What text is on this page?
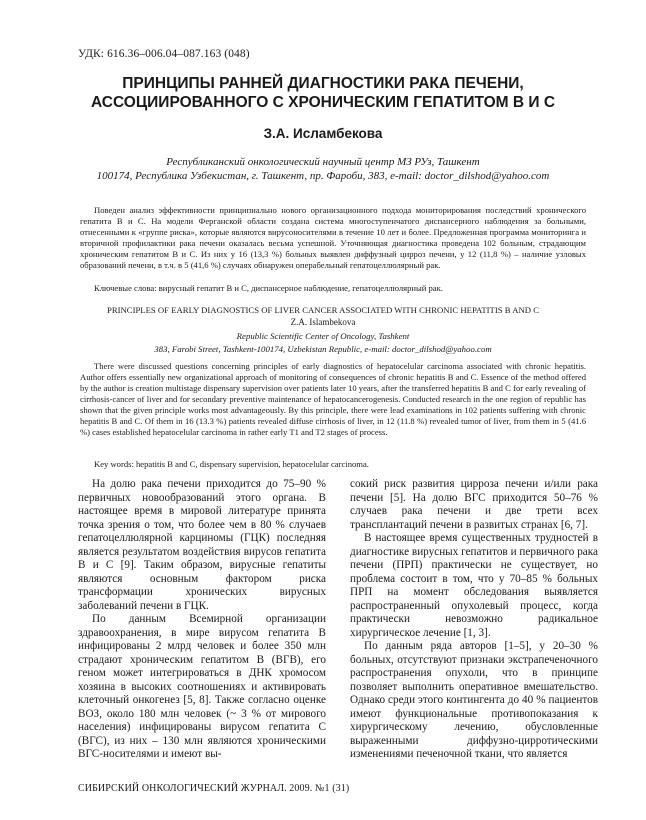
УДК: 616.36–006.04–087.163 (048)
ПРИНЦИПЫ РАННЕЙ ДИАГНОСТИКИ РАКА ПЕЧЕНИ,
АССОЦИИРОВАННОГО С ХРОНИЧЕСКИМ ГЕПАТИТОМ В И С
З.А. Исламбекова
Республиканский онкологический научный центр МЗ РУз, Ташкент
100174, Республика Узбекистан, г. Ташкент, пр. Фароби, 383, e-mail: doctor_dilshod@yahoo.com

Поведен анализ эффективности принципиально нового организационного подхода мониторирования последствий хронического гепатита В и С. На модели Ферганской области создана система многоступенчатого диспансерного наблюдения за больными, отнесенными к «группе риска», которые являются вирусоносителями в течение 10 лет и более. Предложенная программа мониторинга и вторичной профилактики рака печени оказалась весьма успешной. Уточняющая диагностика проведена 102 больным, страдающим хроническим гепатитом В и С. Из них у 16 (13,3 %) больных выявлен диффузный цирроз печени, у 12 (11,8 %) – наличие узловых образований печени, в т.ч. в 5 (41,6 %) случаях обнаружен операбельный гепатоцеллюлярный рак.

Ключевые слова: вирусный гепатит В и С, диспансерное наблюдение, гепатоцеллюлярный рак.

PRINCIPLES OF EARLY DIAGNOSTICS OF LIVER CANCER ASSOCIATED WITH CHRONIC HEPATITIS B AND C
Z.A. Islambekova
Republic Scientific Center of Oncology, Tashkent
383, Farobi Street, Tashkent-100174, Uzbekistan Republic, e-mail: doctor_dilshod@yahoo.com

There were discussed questions concerning principles of early diagnostics of hepatocelular carcinoma associated with chronic hepatitis. Author offers essentially new organizational approach of monitoring of consequences of chronic hepatitis B and C. Essence of the method offered by the author is creation multistage dispensary supervision over patients later 10 years, after the transferred hepatitis B and C for early revealing of cirrhosis-cancer of liver and for secondary preventive maintenance of hepatocancerogenesis. Conducted research in the one region of republic has shown that the given principle works most advantageously. By this principle, there were lead examinations in 102 patients suffering with chronic hepatitis B and C. Of them in 16 (13.3 %) patients revealed diffuse cirrhosis of liver, in 12 (11.8 %) revealed tumor of liver, from them in 5 (41.6 %) cases established hepatocelular carcinoma in rather early T1 and T2 stages of process.

Key words: hepatitis B and C, dispensary supervision, hepatocelular carcinoma.

На долю рака печени приходится до 75–90 % первичных новообразований этого органа. В настоящее время в мировой литературе принята точка зрения о том, что более чем в 80 % случаев гепатоцеллюлярной карциномы (ГЦК) последняя является результатом воздействия вирусов гепатита В и С [9]. Таким образом, вирусные гепатиты являются основным фактором риска трансформации хронических вирусных заболеваний печени в ГЦК.

По данным Всемирной организации здравоохранения, в мире вирусом гепатита В инфицированы 2 млрд человек и более 350 млн страдают хроническим гепатитом В (ВГВ), его геном может интегрироваться в ДНК хромосом хозяина в высоких соотношениях и активировать клеточный онкогенез [5, 8]. Также согласно оценке ВОЗ, около 180 млн человек (~ 3 % от мирового населения) инфицированы вирусом гепатита С (ВГС), из них – 130 млн являются хроническими ВГС-носителями и имеют вы-

сокий риск развития цирроза печени и/или рака печени [5]. На долю ВГС приходится 50–76 % случаев рака печени и две трети всех трансплантаций печени в развитых странах [6, 7].

В настоящее время существенных трудностей в диагностике вирусных гепатитов и первичного рака печени (ПРП) практически не существует, но проблема состоит в том, что у 70–85 % больных ПРП на момент обследования выявляется распространенный опухолевый процесс, когда практически невозможно радикальное хирургическое лечение [1, 3].

По данным ряда авторов [1–5], у 20–30 % больных, отсутствуют признаки экстрапеченочного распространения опухоли, что в принципе позволяет выполнить оперативное вмешательство. Однако среди этого контингента до 40 % пациентов имеют функциональные противопоказания к хирургическому лечению, обусловленные выраженными диффузно-цирротическими изменениями печеночной ткани, что является

СИБИРСКИЙ ОНКОЛОГИЧЕСКИЙ ЖУРНАЛ. 2009. №1 (31)
